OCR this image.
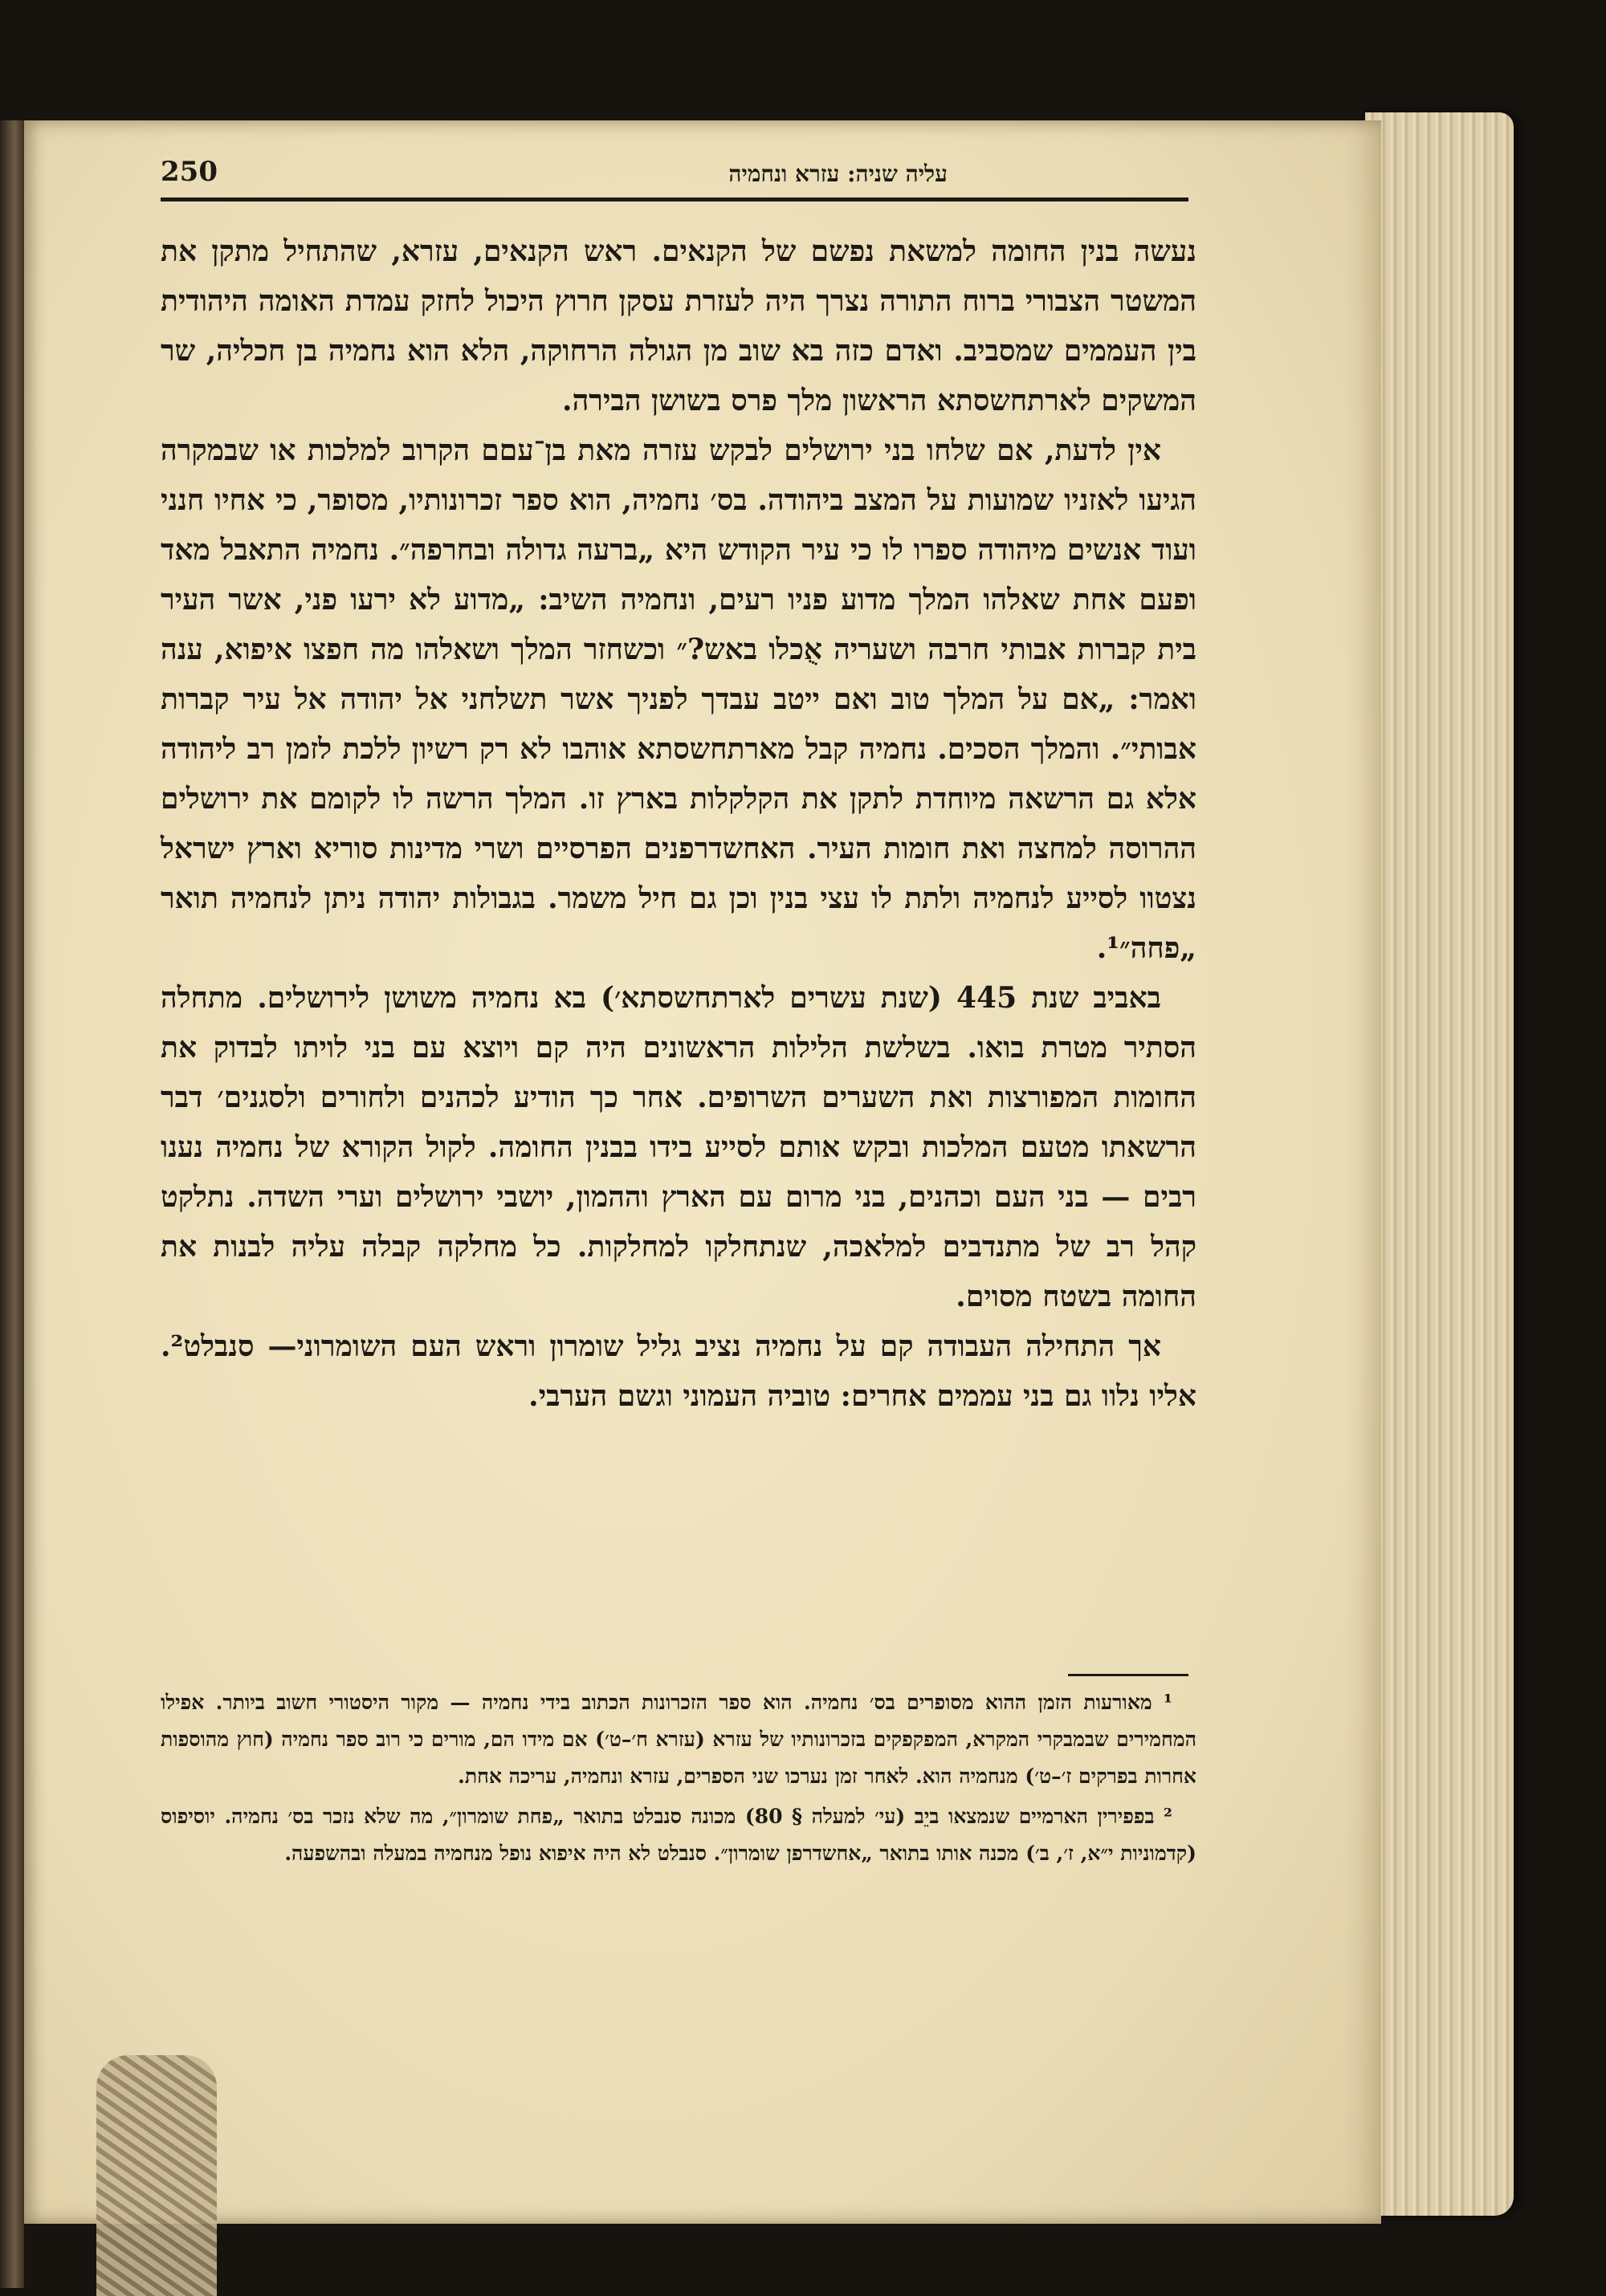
250	עליה שניה: עזרא ונחמיה

נעשה בנין החומה למשאת נפשם של הקנאים. ראש הקנאים, עזרא, שהתחיל מתקן את המשטר הצבורי ברוח התורה נצרך היה לעזרת עסקן חרוץ היכול לחזק עמדת האומה היהודית בין העממים שמסביב. ואדם כזה בא שוב מן הגולה הרחוקה, הלא הוא נחמיה בן חכליה, שר המשקים לארתחשסתא הראשון מלך פרס בשושן הבירה.

אין לדעת, אם שלחו בני ירושלים לבקש עזרה מאת בן־עםם הקרוב למלכות או שבמקרה הגיעו לאזניו שמועות על המצב ביהודה. בס׳ נחמיה, הוא ספר זכרונותיו, מסופר, כי אחיו חנני ועוד אנשים מיהודה ספרו לו כי עיר הקודש היא „ברעה גדולה ובחרפה״. נחמיה התאבל מאד ופעם אחת שאלהו המלך מדוע פניו רעים, ונחמיה השיב: „מדוע לא ירעו פני, אשר העיר בית קברות אבותי חרבה ושעריה אֻכלו באש?״ וכשחזר המלך ושאלהו מה חפצו איפוא, ענה ואמר: „אם על המלך טוב ואם ייטב עבדך לפניך אשר תשלחני אל יהודה אל עיר קברות אבותי״. והמלך הסכים. נחמיה קבל מארתחשסתא אוהבו לא רק רשיון ללכת לזמן רב ליהודה אלא גם הרשאה מיוחדת לתקן את הקלקלות בארץ זו. המלך הרשה לו לקומם את ירושלים ההרוסה למחצה ואת חומות העיר. האחשדרפנים הפרסיים ושרי מדינות סוריא וארץ ישראל נצטוו לסייע לנחמיה ולתת לו עצי בנין וכן גם חיל משמר. בגבולות יהודה ניתן לנחמיה תואר „פחה״¹.

באביב שנת 445 (שנת עשרים לארתחשסתא׳) בא נחמיה משושן לירושלים. מתחלה הסתיר מטרת בואו. בשלשת הלילות הראשונים היה קם ויוצא עם בני לויתו לבדוק את החומות המפורצות ואת השערים השרופים. אחר כך הודיע לכהנים ולחורים ולסגנים׳ דבר הרשאתו מטעם המלכות ובקש אותם לסייע בידו בבנין החומה. לקול הקורא של נחמיה נענו רבים — בני העם וכהנים, בני מרום עם הארץ וההמון, יושבי ירושלים וערי השדה. נתלקט קהל רב של מתנדבים למלאכה, שנתחלקו למחלקות. כל מחלקה קבלה עליה לבנות את החומה בשטח מסוים.

אך התחילה העבודה קם על נחמיה נציב גליל שומרון וראש העם השומרוני— סנבלט². אליו נלוו גם בני עממים אחרים: טוביה העמוני וגשם הערבי.

¹ מאורעות הזמן ההוא מסופרים בס׳ נחמיה. הוא ספר הזכרונות הכתוב בידי נחמיה — מקור היסטורי חשוב ביותר. אפילו המחמירים שבמבקרי המקרא, המפקפקים בזכרונותיו של עזרא (עזרא ח׳–ט׳) אם מידו הם, מורים כי רוב ספר נחמיה (חוץ מהוספות אחרות בפרקים ז׳–ט׳) מנחמיה הוא. לאחר זמן נערכו שני הספרים, עזרא ונחמיה, עריכה אחת.

² בפפירין הארמיים שנמצאו ביֵב (עי׳ למעלה § 80) מכונה סנבלט בתואר „פחת שומרון״, מה שלא נזכר בס׳ נחמיה. יוסיפוס (קדמוניות י״א, ז׳, ב׳) מכנה אותו בתואר „אחשדרפן שומרון״. סנבלט לא היה איפוא נופל מנחמיה במעלה ובהשפעה.
